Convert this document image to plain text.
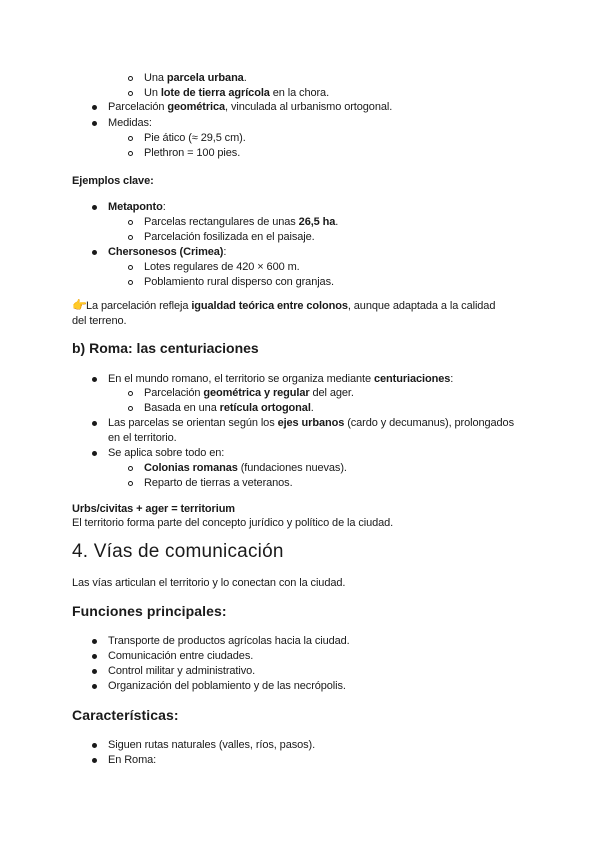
Una parcela urbana.
Un lote de tierra agrícola en la chora.
Parcelación geométrica, vinculada al urbanismo ortogonal.
Medidas:
Pie ático (≈ 29,5 cm).
Plethron = 100 pies.
Ejemplos clave:
Metaponto:
Parcelas rectangulares de unas 26,5 ha.
Parcelación fosilizada en el paisaje.
Chersonesos (Crimea):
Lotes regulares de 420 × 600 m.
Poblamiento rural disperso con granjas.
👉 La parcelación refleja igualdad teórica entre colonos, aunque adaptada a la calidad
del terreno.
b) Roma: las centuriaciones
En el mundo romano, el territorio se organiza mediante centuriaciones:
Parcelación geométrica y regular del ager.
Basada en una retícula ortogonal.
Las parcelas se orientan según los ejes urbanos (cardo y decumanus), prolongados
en el territorio.
Se aplica sobre todo en:
Colonias romanas (fundaciones nuevas).
Reparto de tierras a veteranos.
Urbs/civitas + ager = territorium
El territorio forma parte del concepto jurídico y político de la ciudad.
4. Vías de comunicación
Las vías articulan el territorio y lo conectan con la ciudad.
Funciones principales:
Transporte de productos agrícolas hacia la ciudad.
Comunicación entre ciudades.
Control militar y administrativo.
Organización del poblamiento y de las necrópolis.
Características:
Siguen rutas naturales (valles, ríos, pasos).
En Roma:
